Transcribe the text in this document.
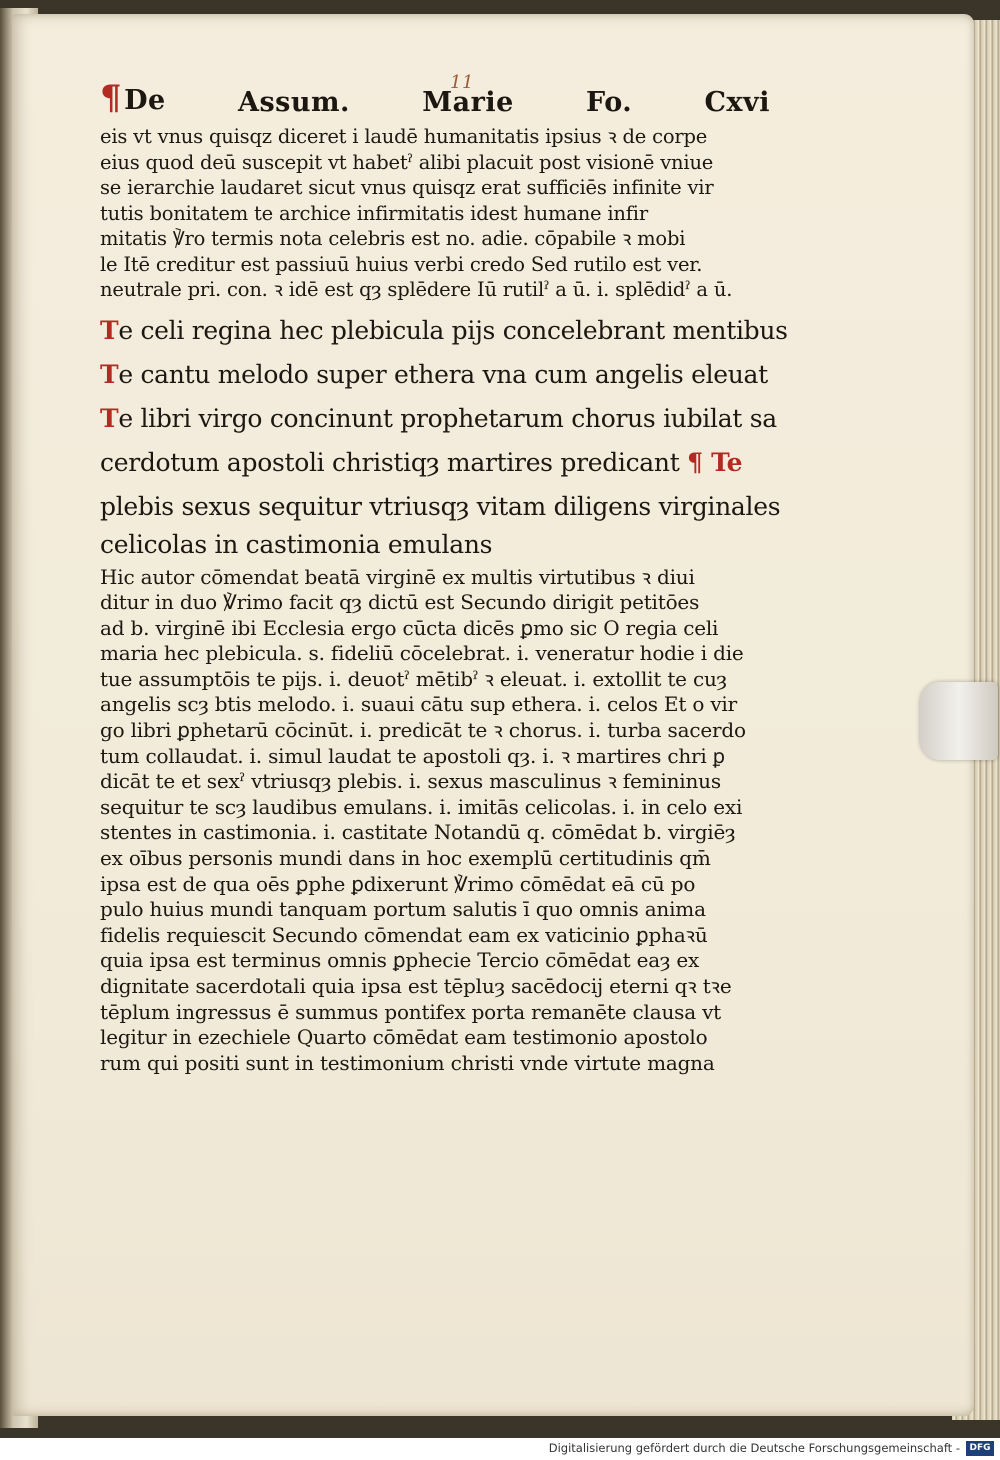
¶De	Assum.	Marie
11
Fo.	Cxvi
eis vt vnus quisqz diceret i laudē humanitatis ipsius ꝛ de corpe
eius quod deū suscepit vt habetˀ alibi placuit post visionē vniue
se ierarchie laudaret sicut vnus quisqz erat sufficiēs infinite vir
tutis bonitatem te archice infirmitatis idest humane infir
mitatis ℣ro termis nota celebris est no. adie. cōpabile ꝛ mobi
le Itē creditur est passiuū huius verbi credo Sed rutilo est ver.
neutrale pri. con. ꝛ idē est qȝ splēdere Iū rutilˀ a ū. i. splēdidˀ a ū.
Te celi regina hec plebicula pijs concelebrant mentibus
Te cantu melodo super ethera vna cum angelis eleuat
Te libri virgo concinunt prophetarum chorus iubilat sa
cerdotum apostoli christiqȝ martires predicant ¶ Te
plebis sexus sequitur vtriusqȝ vitam diligens virginales
celicolas in castimonia emulans
Hic autor cōmendat beatā virginē ex multis virtutibus ꝛ diui
ditur in duo ℣rimo facit qȝ dictū est Secundo dirigit petitōes
ad b. virginē ibi Ecclesia ergo cūcta dicēs ꝑmo sic O regia celi
maria hec plebicula. s. fideliū cōcelebrat. i. veneratur hodie i die
tue assumptōis te pijs. i. deuotˀ mētibˀ ꝛ eleuat. i. extollit te cuȝ
angelis scȝ btis melodo. i. suaui cātu sup ethera. i. celos Et o vir
go libri ꝑphetarū cōcinūt. i. predicāt te ꝛ chorus. i. turba sacerdo
tum collaudat. i. simul laudat te apostoli qȝ. i. ꝛ martires chri ꝑ
dicāt te et sexˀ vtriusqȝ plebis. i. sexus masculinus ꝛ femininus
sequitur te scȝ laudibus emulans. i. imitās celicolas. i. in celo exi
stentes in castimonia. i. castitate Notandū q. cōmēdat b. virgiēȝ
ex oībus personis mundi dans in hoc exemplū certitudinis qm̄
ipsa est de qua oēs ꝑphe ꝑdixerunt ℣rimo cōmēdat eā cū po
pulo huius mundi tanquam portum salutis ī quo omnis anima
fidelis requiescit Secundo cōmendat eam ex vaticinio ꝑphaꝛū
quia ipsa est terminus omnis ꝑphecie Tercio cōmēdat eaȝ ex
dignitate sacerdotali quia ipsa est tēpluȝ sacēdocij eterni qꝛ tꝛe
tēplum ingressus ē summus pontifex porta remanēte clausa vt
legitur in ezechiele Quarto cōmēdat eam testimonio apostolo
rum qui positi sunt in testimonium christi vnde virtute magna
Digitalisierung gefördert durch die Deutsche Forschungsgemeinschaft -	DFG
